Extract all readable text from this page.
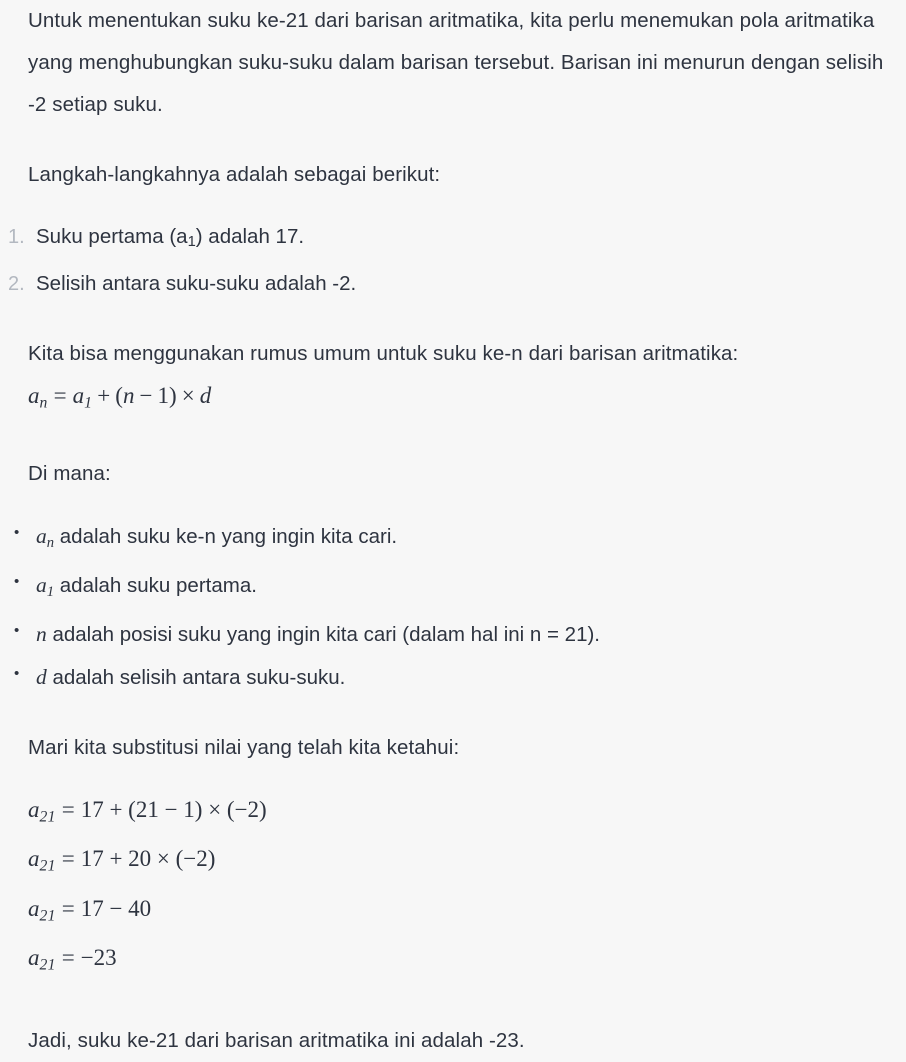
Untuk menentukan suku ke-21 dari barisan aritmatika, kita perlu menemukan pola aritmatika yang menghubungkan suku-suku dalam barisan tersebut. Barisan ini menurun dengan selisih -2 setiap suku.

Langkah-langkahnya adalah sebagai berikut:

Suku pertama $(a_1)$ adalah 17.
Selisih antara suku-suku adalah -2.

Kita bisa menggunakan rumus umum untuk suku ke-n dari barisan aritmatika:

$a_n = a_1 + (n - 1) \times d$

Di mana:

• $a_n$ adalah suku ke-n yang ingin kita cari.
• $a_1$ adalah suku pertama.
• n adalah posisi suku yang ingin kita cari (dalam hal ini n = 21).
• d adalah selisih antara suku-suku.

Mari kita substitusi nilai yang telah kita ketahui:

$a_{21} = 17 + (21 - 1) \times (-2)$
$a_{21} = 17 + 20 \times (-2)$
$a_{21} = 17 - 40$
$a_{21} = -23$

Jadi, suku ke-21 dari barisan aritmatika ini adalah -23.
